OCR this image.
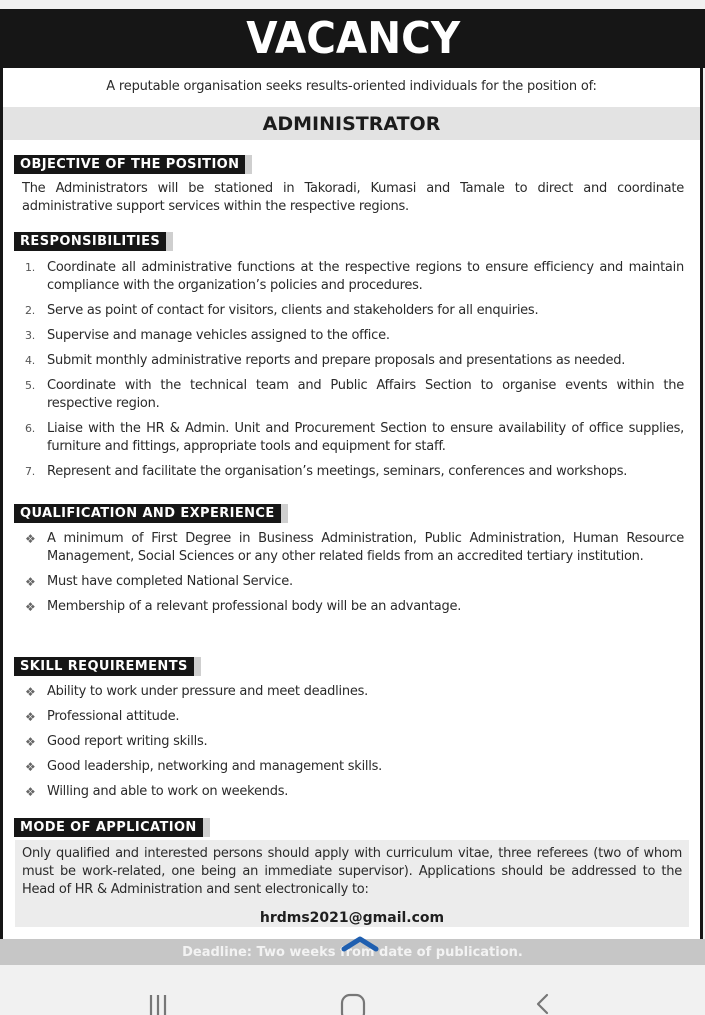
VACANCY
A reputable organisation seeks results-oriented individuals for the position of:
ADMINISTRATOR
OBJECTIVE OF THE POSITION
The Administrators will be stationed in Takoradi, Kumasi and Tamale to direct and coordinate administrative support services within the respective regions.
RESPONSIBILITIES
1. Coordinate all administrative functions at the respective regions to ensure efficiency and maintain compliance with the organization’s policies and procedures.
2. Serve as point of contact for visitors, clients and stakeholders for all enquiries.
3. Supervise and manage vehicles assigned to the office.
4. Submit monthly administrative reports and prepare proposals and presentations as needed.
5. Coordinate with the technical team and Public Affairs Section to organise events within the respective region.
6. Liaise with the HR & Admin. Unit and Procurement Section to ensure availability of office supplies, furniture and fittings, appropriate tools and equipment for staff.
7. Represent and facilitate the organisation’s meetings, seminars, conferences and workshops.
QUALIFICATION AND EXPERIENCE
❖ A minimum of First Degree in Business Administration, Public Administration, Human Resource Management, Social Sciences or any other related fields from an accredited tertiary institution.
❖ Must have completed National Service.
❖ Membership of a relevant professional body will be an advantage.
SKILL REQUIREMENTS
❖ Ability to work under pressure and meet deadlines.
❖ Professional attitude.
❖ Good report writing skills.
❖ Good leadership, networking and management skills.
❖ Willing and able to work on weekends.
MODE OF APPLICATION
Only qualified and interested persons should apply with curriculum vitae, three referees (two of whom must be work-related, one being an immediate supervisor). Applications should be addressed to the Head of HR & Administration and sent electronically to:
hrdms2021@gmail.com
Deadline: Two weeks from date of publication.
